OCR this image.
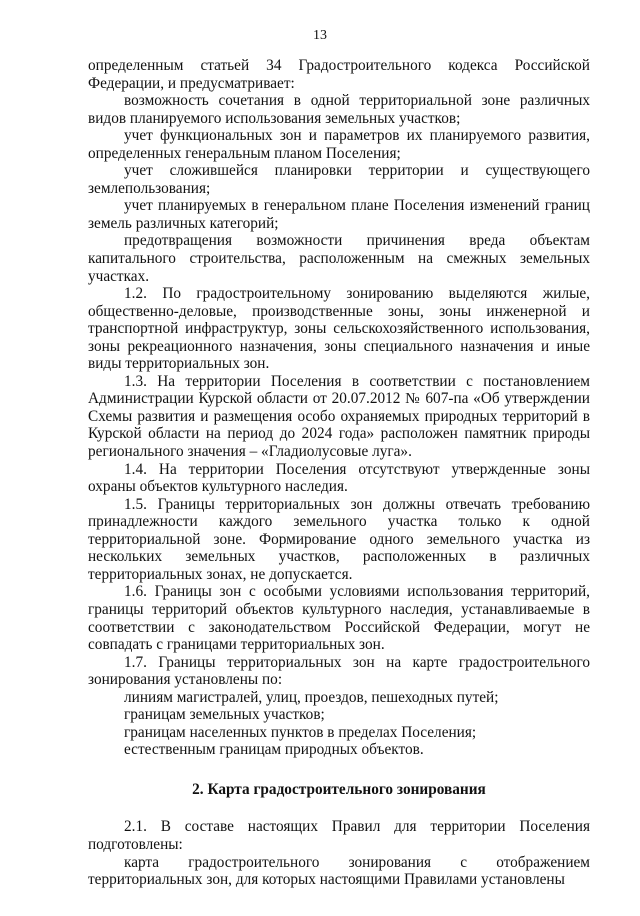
13

определенным статьей 34 Градостроительного кодекса Российской Федерации, и предусматривает:

возможность сочетания в одной территориальной зоне различных видов планируемого использования земельных участков;

учет функциональных зон и параметров их планируемого развития, определенных генеральным планом Поселения;

учет сложившейся планировки территории и существующего землепользования;

учет планируемых в генеральном плане Поселения изменений границ земель различных категорий;

предотвращения возможности причинения вреда объектам капитального строительства, расположенным на смежных земельных участках.

1.2. По градостроительному зонированию выделяются жилые, общественно-деловые, производственные зоны, зоны инженерной и транспортной инфраструктур, зоны сельскохозяйственного использования, зоны рекреационного назначения, зоны специального назначения и иные виды территориальных зон.

1.3. На территории Поселения в соответствии с постановлением Администрации Курской области от 20.07.2012 № 607-па «Об утверждении Схемы развития и размещения особо охраняемых природных территорий в Курской области на период до 2024 года» расположен памятник природы регионального значения – «Гладиолусовые луга».

1.4. На территории Поселения отсутствуют утвержденные зоны охраны объектов культурного наследия.

1.5. Границы территориальных зон должны отвечать требованию принадлежности каждого земельного участка только к одной территориальной зоне. Формирование одного земельного участка из нескольких земельных участков, расположенных в различных территориальных зонах, не допускается.

1.6. Границы зон с особыми условиями использования территорий, границы территорий объектов культурного наследия, устанавливаемые в соответствии с законодательством Российской Федерации, могут не совпадать с границами территориальных зон.

1.7. Границы территориальных зон на карте градостроительного зонирования установлены по:

линиям магистралей, улиц, проездов, пешеходных путей;

границам земельных участков;

границам населенных пунктов в пределах Поселения;

естественным границам природных объектов.

2. Карта градостроительного зонирования

2.1. В составе настоящих Правил для территории Поселения подготовлены:

карта градостроительного зонирования с отображением территориальных зон, для которых настоящими Правилами установлены
